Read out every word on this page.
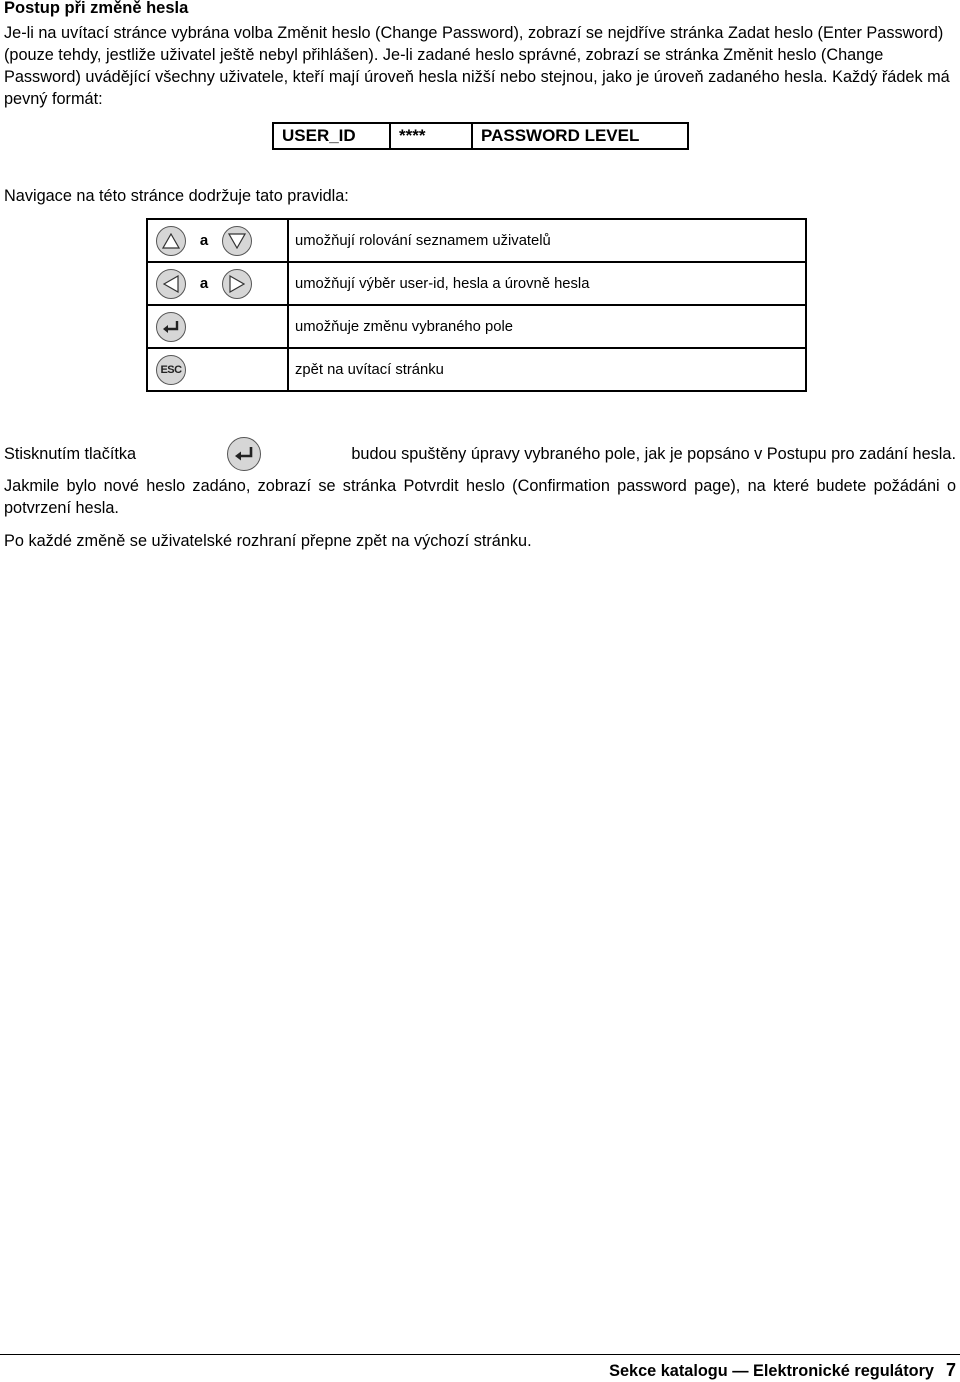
Postup při změně hesla

Je-li na uvítací stránce vybrána volba Změnit heslo (Change Password), zobrazí se nejdříve stránka Zadat heslo (Enter Password) (pouze tehdy, jestliže uživatel ještě nebyl přihlášen). Je-li zadané heslo správné, zobrazí se stránka Změnit heslo (Change Password) uvádějící všechny uživatele, kteří mají úroveň hesla nižší nebo stejnou, jako je úroveň zadaného hesla. Každý řádek má pevný formát:

USER_ID	****	PASSWORD LEVEL

Navigace na této stránce dodržuje tato pravidla:

a	umožňují rolování seznamem uživatelů

a	umožňují výběr user-id, hesla a úrovně hesla

	umožňuje změnu vybraného pole

ESC	zpět na uvítací stránku
Stisknutím tlačítka	budou spuštěny úpravy vybraného pole, jak je popsáno v Postupu pro zadání hesla.

Jakmile bylo nové heslo zadáno, zobrazí se stránka Potvrdit heslo (Confirmation password page), na které budete požádáni o potvrzení hesla.

Po každé změně se uživatelské rozhraní přepne zpět na výchozí stránku.

Sekce katalogu — Elektronické regulátory 7
